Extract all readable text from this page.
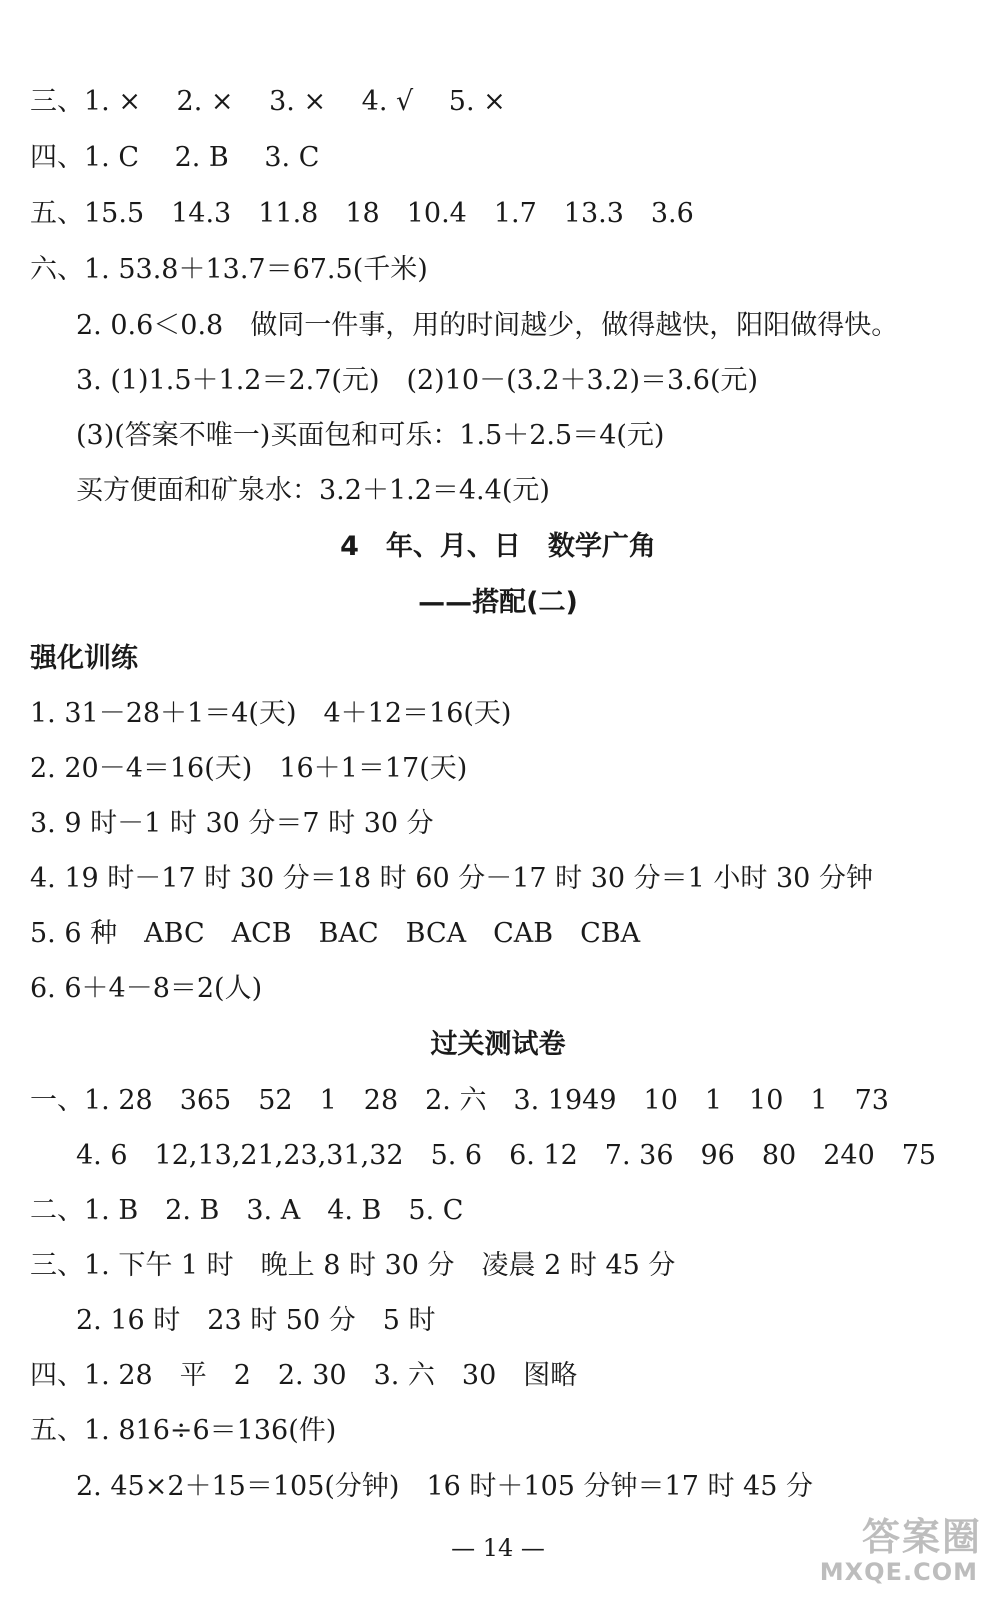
三、1. ×　 2. ×　 3. ×　 4. √　 5. ×
四、1. C　 2. B　 3. C
五、15.5　14.3　11.8　18　10.4　1.7　13.3　3.6
六、1. 53.8＋13.7＝67.5(千米)
2. 0.6＜0.8　做同一件事，用的时间越少，做得越快，阳阳做得快。
3. (1)1.5＋1.2＝2.7(元)　(2)10－(3.2＋3.2)＝3.6(元)
(3)(答案不唯一)买面包和可乐：1.5＋2.5＝4(元)
买方便面和矿泉水：3.2＋1.2＝4.4(元)
4　年、月、日　数学广角
——搭配(二)
强化训练
1. 31－28＋1＝4(天)　4＋12＝16(天)
2. 20－4＝16(天)　16＋1＝17(天)
3. 9 时－1 时 30 分＝7 时 30 分
4. 19 时－17 时 30 分＝18 时 60 分－17 时 30 分＝1 小时 30 分钟
5. 6 种　ABC　ACB　BAC　BCA　CAB　CBA
6. 6＋4－8＝2(人)
过关测试卷
一、1. 28　365　52　1　28　2. 六　3. 1949　10　1　10　1　73
4. 6　12,13,21,23,31,32　5. 6　6. 12　7. 36　96　80　240　75
二、1. B　2. B　3. A　4. B　5. C
三、1. 下午 1 时　晚上 8 时 30 分　凌晨 2 时 45 分
2. 16 时　23 时 50 分　5 时
四、1. 28　平　2　2. 30　3. 六　30　图略
五、1. 816÷6＝136(件)
2. 45×2＋15＝105(分钟)　16 时＋105 分钟＝17 时 45 分
— 14 —	答案圈
MXQE.COM
